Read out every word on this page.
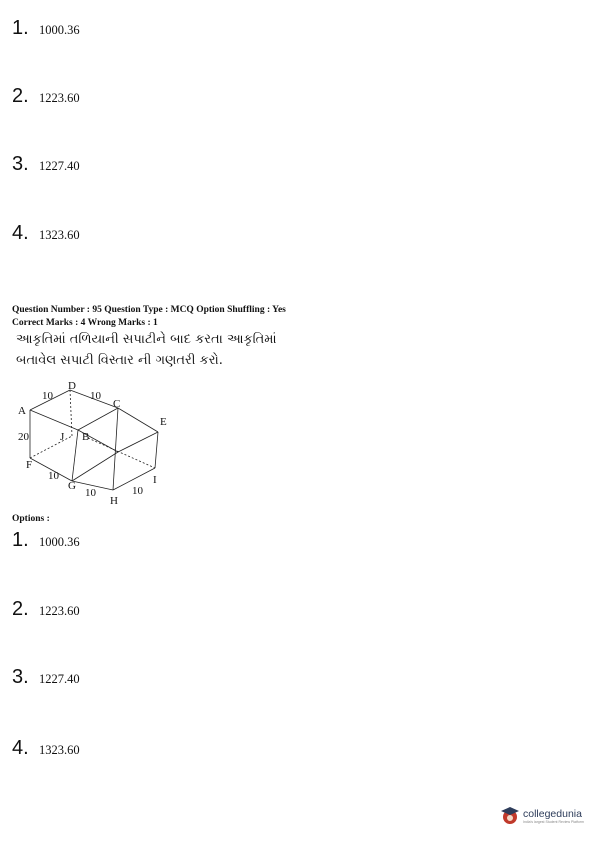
1. 1000.36
2. 1223.60
3. 1227.40
4. 1323.60
Question Number : 95 Question Type : MCQ Option Shuffling : Yes
Correct Marks : 4 Wrong Marks : 1
આકૃતિમાં તળિયાની સપાટીને બાદ કરતા આકૃતિમાં
બતાવેલ સપાટી વિસ્તાર ની ગણતરી કરો.
A
D
C
E
J B
F
G
H
I
10	10
20
10
10	10
Options :
1. 1000.36
2. 1223.60
3. 1227.40
4. 1323.60
collegedunia
India's largest Student Review Platform
